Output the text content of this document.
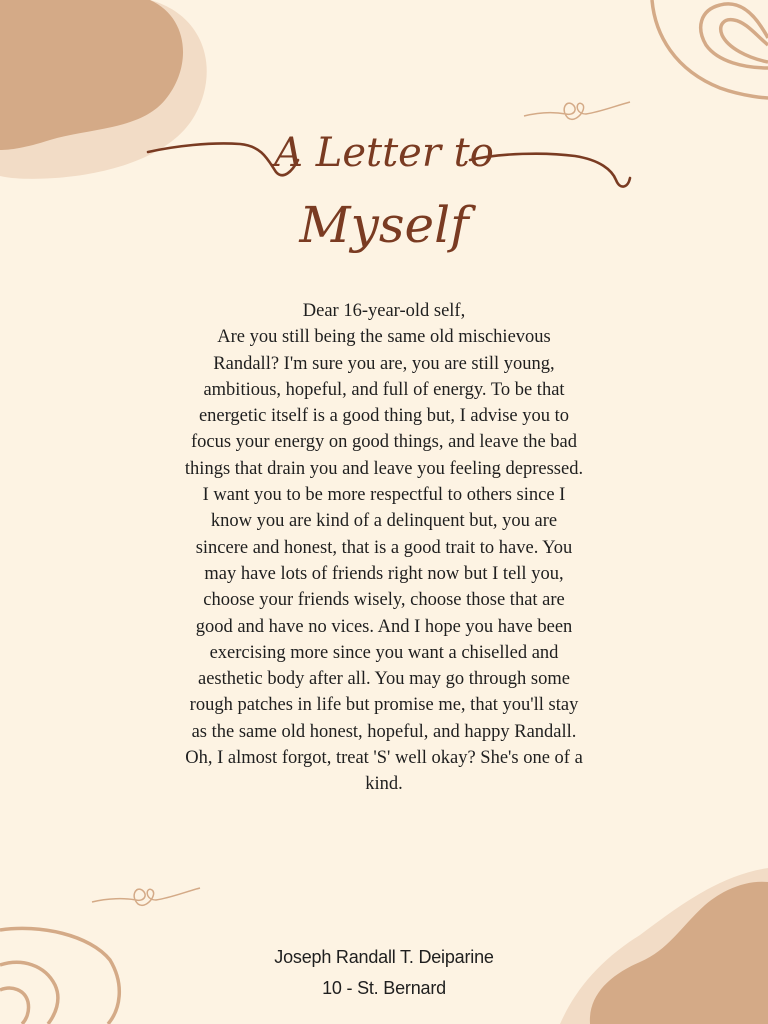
A Letter to
Myself

Dear 16-year-old self,

Are you still being the same old mischievous Randall? I'm sure you are, you are still young, ambitious, hopeful, and full of energy. To be that energetic itself is a good thing but, I advise you to focus your energy on good things, and leave the bad things that drain you and leave you feeling depressed. I want you to be more respectful to others since I know you are kind of a delinquent but, you are sincere and honest, that is a good trait to have. You may have lots of friends right now but I tell you, choose your friends wisely, choose those that are good and have no vices. And I hope you have been exercising more since you want a chiselled and aesthetic body after all. You may go through some rough patches in life but promise me, that you'll stay as the same old honest, hopeful, and happy Randall. Oh, I almost forgot, treat 'S' well okay? She's one of a kind.

Joseph Randall T. Deiparine
10 - St. Bernard
